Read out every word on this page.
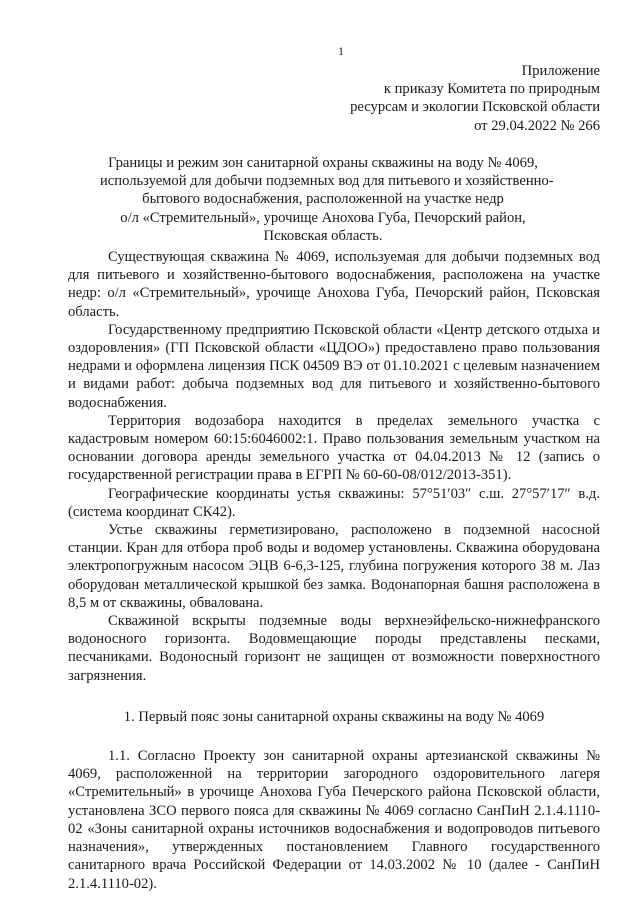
1
Приложение
к приказу Комитета по природным
ресурсам и экологии Псковской области
от 29.04.2022 № 266
Границы и режим зон санитарной охраны скважины на воду № 4069,
используемой для добычи подземных вод для питьевого и хозяйственно-
бытового водоснабжения, расположенной на участке недр
о/л «Стремительный», урочище Анохова Губа, Печорский район,
Псковская область.

Существующая скважина № 4069, используемая для добычи подземных вод для питьевого и хозяйственно-бытового водоснабжения, расположена на участке недр: о/л «Стремительный», урочище Анохова Губа, Печорский район, Псковская область.

Государственному предприятию Псковской области «Центр детского отдыха и оздоровления» (ГП Псковской области «ЦДОО») предоставлено право пользования недрами и оформлена лицензия ПСК 04509 ВЭ от 01.10.2021 с целевым назначением и видами работ: добыча подземных вод для питьевого и хозяйственно-бытового водоснабжения.

Территория водозабора находится в пределах земельного участка с кадастровым номером 60:15:6046002:1. Право пользования земельным участком на основании договора аренды земельного участка от 04.04.2013 № 12 (запись о государственной регистрации права в ЕГРП № 60-60-08/012/2013-351).

Географические координаты устья скважины: 57°51′03″ с.ш. 27°57′17″ в.д. (система координат СК42).

Устье скважины герметизировано, расположено в подземной насосной станции. Кран для отбора проб воды и водомер установлены. Скважина оборудована электропогружным насосом ЭЦВ 6-6,3-125, глубина погружения которого 38 м. Лаз оборудован металлической крышкой без замка. Водонапорная башня расположена в 8,5 м от скважины, обвалована.

Скважиной вскрыты подземные воды верхнеэйфельско-нижнефранского водоносного горизонта. Водовмещающие породы представлены песками, песчаниками. Водоносный горизонт не защищен от возможности поверхностного загрязнения.

1. Первый пояс зоны санитарной охраны скважины на воду № 4069

1.1. Согласно Проекту зон санитарной охраны артезианской скважины № 4069, расположенной на территории загородного оздоровительного лагеря «Стремительный» в урочище Анохова Губа Печерского района Псковской области, установлена ЗСО первого пояса для скважины № 4069 согласно СанПиН 2.1.4.1110-02 «Зоны санитарной охраны источников водоснабжения и водопроводов питьевого назначения», утвержденных постановлением Главного государственного санитарного врача Российской Федерации от 14.03.2002 № 10 (далее - СанПиН 2.1.4.1110-02).
